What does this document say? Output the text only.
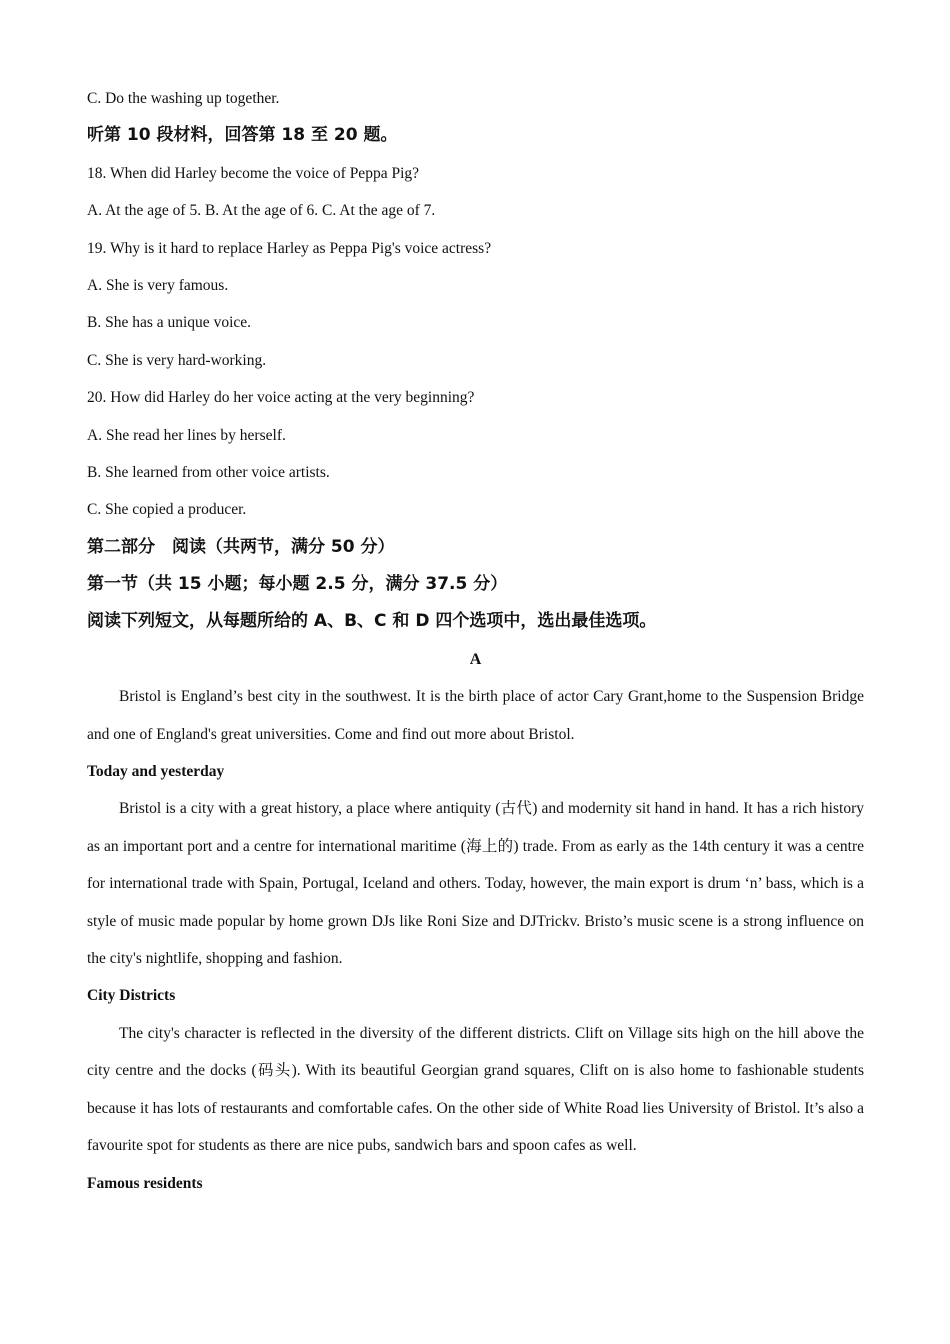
C. Do the washing up together.
听第 10 段材料，回答第 18 至 20 题。
18. When did Harley become the voice of Peppa Pig?
A. At the age of 5. B. At the age of 6. C. At the age of 7.
19. Why is it hard to replace Harley as Peppa Pig's voice actress?
A. She is very famous.
B. She has a unique voice.
C. She is very hard-working.
20. How did Harley do her voice acting at the very beginning?
A. She read her lines by herself.
B. She learned from other voice artists.
C. She copied a producer.
第二部分　阅读（共两节，满分 50 分）
第一节（共 15 小题；每小题 2.5 分，满分 37.5 分）
阅读下列短文，从每题所给的 A、B、C 和 D 四个选项中，选出最佳选项。
A

Bristol is England’s best city in the southwest. It is the birth place of actor Cary Grant,home to the Suspension Bridge and one of England's great universities. Come and find out more about Bristol.

Today and yesterday

Bristol is a city with a great history, a place where antiquity (古代) and modernity sit hand in hand. It has a rich history as an important port and a centre for international maritime (海上的) trade. From as early as the 14th century it was a centre for international trade with Spain, Portugal, Iceland and others. Today, however, the main export is drum ‘n’ bass, which is a style of music made popular by home grown DJs like Roni Size and DJTrickv. Bristo’s music scene is a strong influence on the city's nightlife, shopping and fashion.

City Districts

The city's character is reflected in the diversity of the different districts. Clift on Village sits high on the hill above the city centre and the docks (码头). With its beautiful Georgian grand squares, Clift on is also home to fashionable students because it has lots of restaurants and comfortable cafes. On the other side of White Road lies University of Bristol. It’s also a favourite spot for students as there are nice pubs, sandwich bars and spoon cafes as well.

Famous residents
